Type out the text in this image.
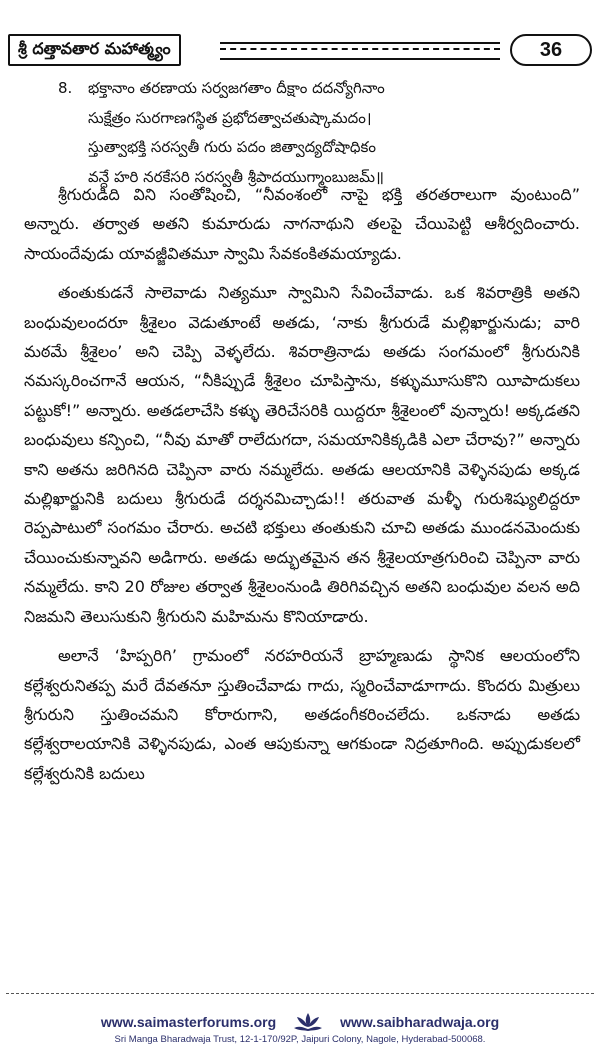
శ్రీ దత్తావతార మహాత్మ్యం	36
8.	భక్తానాం తరణాయ సర్వజగతాం దీక్షాం దదన్యోగినాం
సుక్షేత్రం సురగాణగస్థిత ప్రభోదత్వాచతుష్కామదం।
స్తుత్వాభక్తి సరస్వతీ గురు పదం జిత్వాద్యదోషాధికం
వన్దే హరి నరకేసరి సరస్వతీ శ్రీపాదయుగ్మాంబుజమ్॥

శ్రీగురుడిది విని సంతోషించి, “నీవంశంలో నాపై భక్తి తరతరాలుగా వుంటుంది” అన్నారు. తర్వాత అతని కుమారుడు నాగనాథుని తలపై చేయిపెట్టి ఆశీర్వదించారు. సాయందేవుడు యావజ్జీవితమూ స్వామి సేవకంకితమయ్యాడు.

తంతుకుడనే సాలెవాడు నిత్యమూ స్వామిని సేవించేవాడు. ఒక శివరాత్రికి అతని బంధువులందరూ శ్రీశైలం వెడుతూంటే అతడు, ‘నాకు శ్రీగురుడే మల్లిఖార్జునుడు; వారి మఠమే శ్రీశైలం’ అని చెప్పి వెళ్ళలేదు. శివరాత్రినాడు అతడు సంగమంలో శ్రీగురునికి నమస్కరించగానే ఆయన, “నీకిప్పుడే శ్రీశైలం చూపిస్తాను, కళ్ళుమూసుకొని యీపాదుకలు పట్టుకో!” అన్నారు. అతడలాచేసి కళ్ళు తెరిచేసరికి యిద్దరూ శ్రీశైలంలో వున్నారు! అక్కడతని బంధువులు కన్పించి, “నీవు మాతో రాలేదుగదా, సమయానికిక్కడికి ఎలా చేరావు?” అన్నారు కాని అతను జరిగినది చెప్పినా వారు నమ్మలేదు. అతడు ఆలయానికి వెళ్ళినపుడు అక్కడ మల్లిఖార్జునికి బదులు శ్రీగురుడే దర్శనమిచ్చాడు!! తరువాత మళ్ళీ గురుశిష్యులిద్దరూ రెప్పపాటులో సంగమం చేరారు. అచటి భక్తులు తంతుకుని చూచి అతడు ముండనమెందుకు చేయించుకున్నావని అడిగారు. అతడు అద్భుతమైన తన శ్రీశైలయాత్రగురించి చెప్పినా వారు నమ్మలేదు. కాని 20 రోజుల తర్వాత శ్రీశైలంనుండి తిరిగివచ్చిన అతని బంధువుల వలన అది నిజమని తెలుసుకుని శ్రీగురుని మహిమను కొనియాడారు.

అలానే ‘హిప్పరిగి’ గ్రామంలో నరహరియనే బ్రాహ్మణుడు స్థానిక ఆలయంలోని కల్లేశ్వరునితప్ప మరే దేవతనూ స్తుతించేవాడు గాదు, స్మరించేవాడూగాదు. కొందరు మిత్రులు శ్రీగురుని స్తుతించమని కోరారుగాని, అతడంగీకరించలేదు. ఒకనాడు అతడు కల్లేశ్వరాలయానికి వెళ్ళినపుడు, ఎంత ఆపుకున్నా ఆగకుండా నిద్రతూగింది. అప్పుడుకలలో కల్లేశ్వరునికి బదులు

www.saimasterforums.org	www.saibharadwaja.org
Sri Manga Bharadwaja Trust, 12-1-170/92P, Jaipuri Colony, Nagole, Hyderabad-500068.
